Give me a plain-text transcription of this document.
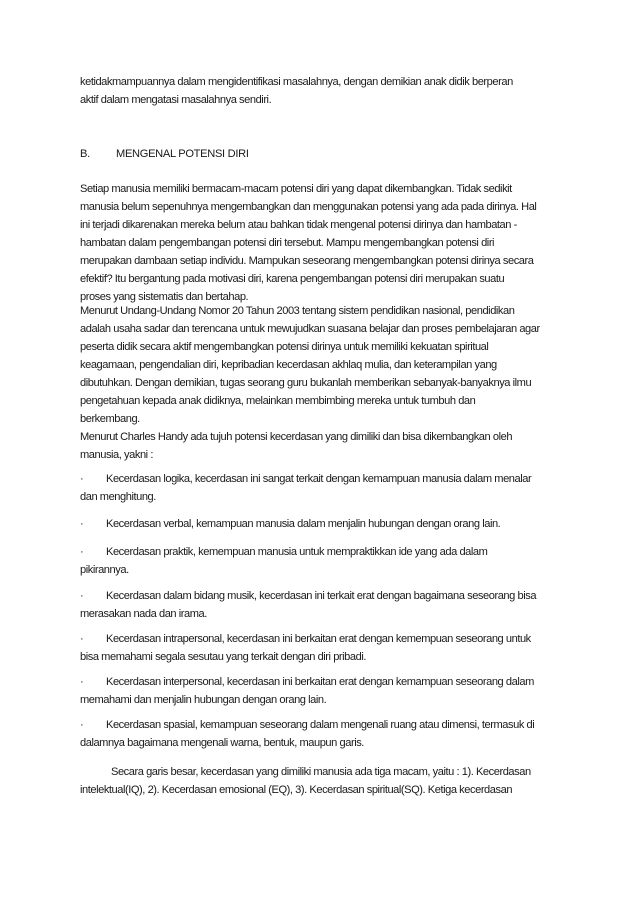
ketidakmampuannya dalam mengidentifikasi masalahnya, dengan demikian anak didik berperan
aktif dalam mengatasi masalahnya sendiri.
B. MENGENAL POTENSI DIRI
Setiap manusia memiliki bermacam-macam potensi diri yang dapat dikembangkan. Tidak sedikit
manusia belum sepenuhnya mengembangkan dan menggunakan potensi yang ada pada dirinya. Hal
ini terjadi dikarenakan mereka belum atau bahkan tidak mengenal potensi dirinya dan hambatan -
hambatan dalam pengembangan potensi diri tersebut. Mampu mengembangkan potensi diri
merupakan dambaan setiap individu. Mampukan seseorang mengembangkan potensi dirinya secara
efektif? Itu bergantung pada motivasi diri, karena pengembangan potensi diri merupakan suatu
proses yang sistematis dan bertahap.
Menurut Undang-Undang Nomor 20 Tahun 2003 tentang sistem pendidikan nasional, pendidikan
adalah usaha sadar dan terencana untuk mewujudkan suasana belajar dan proses pembelajaran agar
peserta didik secara aktif mengembangkan potensi dirinya untuk memiliki kekuatan spiritual
keagamaan, pengendalian diri, kepribadian kecerdasan akhlaq mulia, dan keterampilan yang
dibutuhkan. Dengan demikian, tugas seorang guru bukanlah memberikan sebanyak-banyaknya ilmu
pengetahuan kepada anak didiknya, melainkan membimbing mereka untuk tumbuh dan
berkembang.
Menurut Charles Handy ada tujuh potensi kecerdasan yang dimiliki dan bisa dikembangkan oleh
manusia, yakni :
· Kecerdasan logika, kecerdasan ini sangat terkait dengan kemampuan manusia dalam menalar
dan menghitung.
· Kecerdasan verbal, kemampuan manusia dalam menjalin hubungan dengan orang lain.
· Kecerdasan praktik, kemempuan manusia untuk mempraktikkan ide yang ada dalam
pikirannya.
· Kecerdasan dalam bidang musik, kecerdasan ini terkait erat dengan bagaimana seseorang bisa
merasakan nada dan irama.
· Kecerdasan intrapersonal, kecerdasan ini berkaitan erat dengan kemempuan seseorang untuk
bisa memahami segala sesutau yang terkait dengan diri pribadi.
· Kecerdasan interpersonal, kecerdasan ini berkaitan erat dengan kemampuan seseorang dalam
memahami dan menjalin hubungan dengan orang lain.
· Kecerdasan spasial, kemampuan seseorang dalam mengenali ruang atau dimensi, termasuk di
dalamnya bagaimana mengenali warna, bentuk, maupun garis.
Secara garis besar, kecerdasan yang dimiliki manusia ada tiga macam, yaitu : 1). Kecerdasan
intelektual(IQ), 2). Kecerdasan emosional (EQ), 3). Kecerdasan spiritual(SQ). Ketiga kecerdasan
